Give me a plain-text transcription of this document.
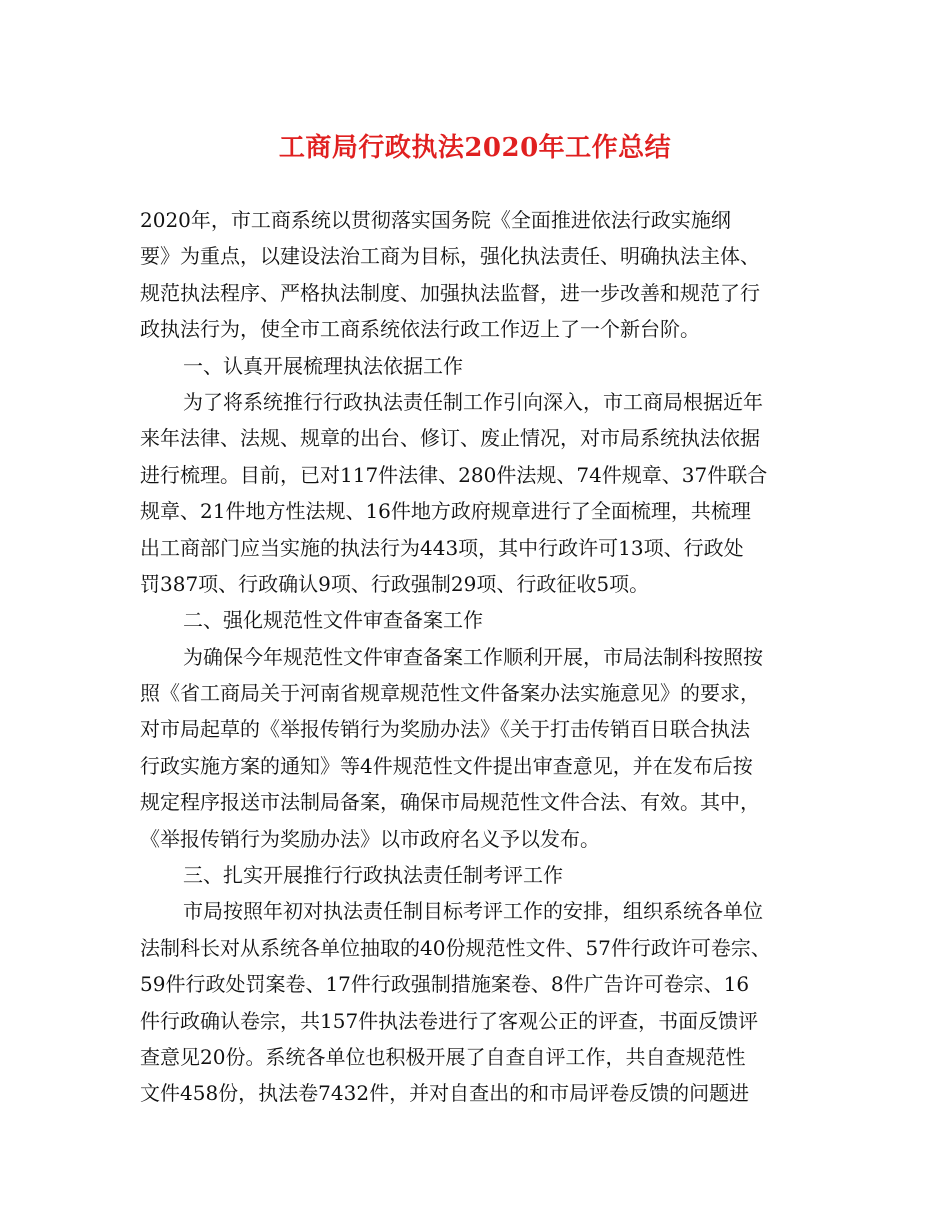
工商局行政执法2020年工作总结
2020年，市工商系统以贯彻落实国务院《全面推进依法行政实施纲
要》为重点，以建设法治工商为目标，强化执法责任、明确执法主体、
规范执法程序、严格执法制度、加强执法监督，进一步改善和规范了行
政执法行为，使全市工商系统依法行政工作迈上了一个新台阶。
一、认真开展梳理执法依据工作
为了将系统推行行政执法责任制工作引向深入，市工商局根据近年
来年法律、法规、规章的出台、修订、废止情况，对市局系统执法依据
进行梳理。目前，已对117件法律、280件法规、74件规章、37件联合
规章、21件地方性法规、16件地方政府规章进行了全面梳理，共梳理
出工商部门应当实施的执法行为443项，其中行政许可13项、行政处
罚387项、行政确认9项、行政强制29项、行政征收5项。
二、强化规范性文件审查备案工作
为确保今年规范性文件审查备案工作顺利开展，市局法制科按照按
照《省工商局关于河南省规章规范性文件备案办法实施意见》的要求，
对市局起草的《举报传销行为奖励办法》《关于打击传销百日联合执法
行政实施方案的通知》等4件规范性文件提出审查意见，并在发布后按
规定程序报送市法制局备案，确保市局规范性文件合法、有效。其中，
《举报传销行为奖励办法》以市政府名义予以发布。
三、扎实开展推行行政执法责任制考评工作
市局按照年初对执法责任制目标考评工作的安排，组织系统各单位
法制科长对从系统各单位抽取的40份规范性文件、57件行政许可卷宗、
59件行政处罚案卷、17件行政强制措施案卷、8件广告许可卷宗、16
件行政确认卷宗，共157件执法卷进行了客观公正的评查，书面反馈评
查意见20份。系统各单位也积极开展了自查自评工作，共自查规范性
文件458份，执法卷7432件，并对自查出的和市局评卷反馈的问题进
